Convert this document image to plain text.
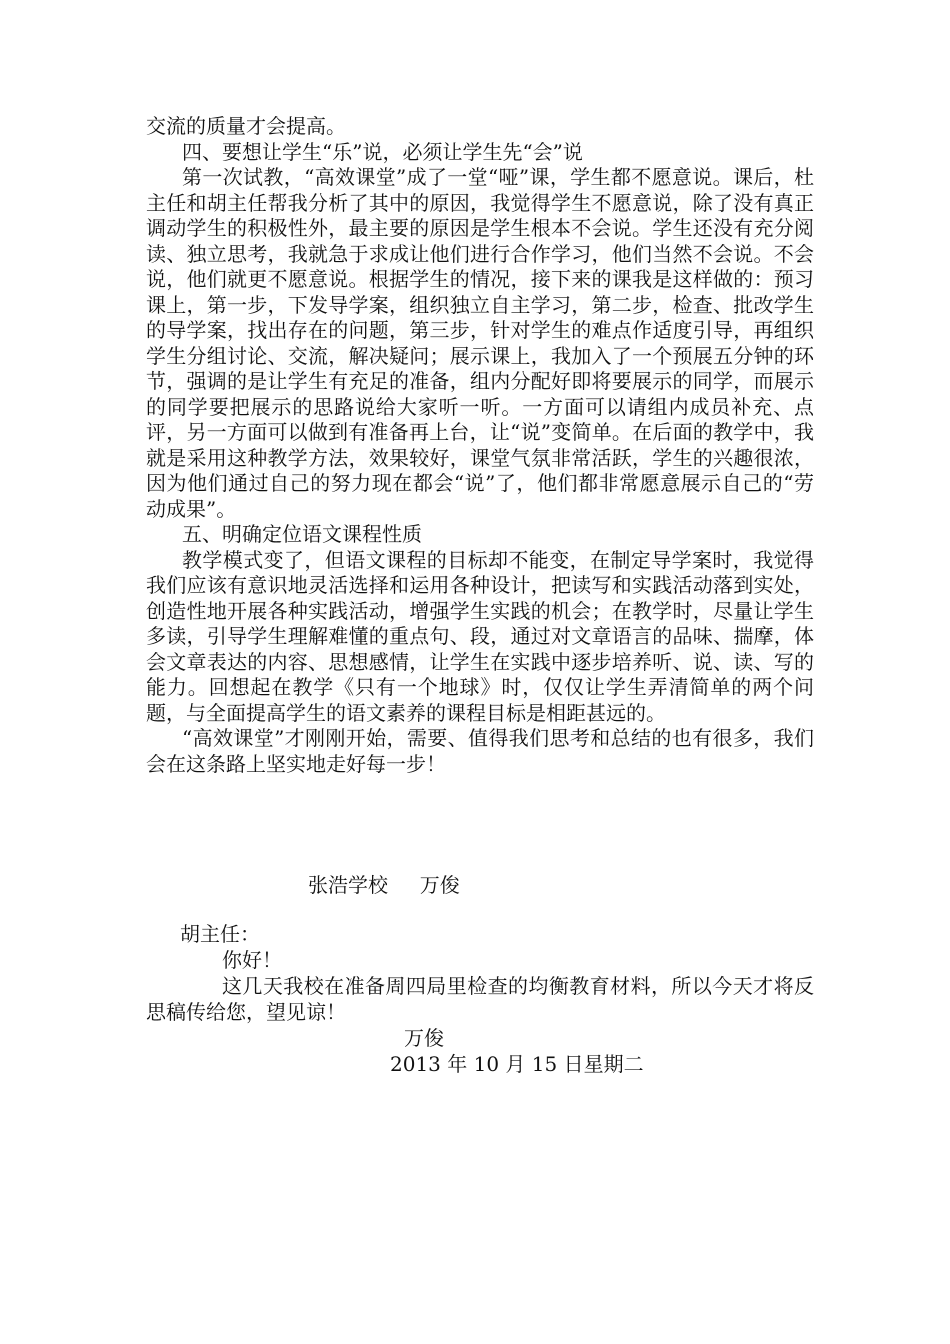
交流的质量才会提高。

四、要想让学生“乐”说，必须让学生先“会”说

第一次试教，“高效课堂”成了一堂“哑”课，学生都不愿意说。课后，杜主任和胡主任帮我分析了其中的原因，我觉得学生不愿意说，除了没有真正调动学生的积极性外，最主要的原因是学生根本不会说。学生还没有充分阅读、独立思考，我就急于求成让他们进行合作学习，他们当然不会说。不会说，他们就更不愿意说。根据学生的情况，接下来的课我是这样做的：预习课上，第一步，下发导学案，组织独立自主学习，第二步，检查、批改学生的导学案，找出存在的问题，第三步，针对学生的难点作适度引导，再组织学生分组讨论、交流，解决疑问；展示课上，我加入了一个预展五分钟的环节，强调的是让学生有充足的准备，组内分配好即将要展示的同学，而展示的同学要把展示的思路说给大家听一听。一方面可以请组内成员补充、点评，另一方面可以做到有准备再上台，让“说”变简单。在后面的教学中，我就是采用这种教学方法，效果较好，课堂气氛非常活跃，学生的兴趣很浓，因为他们通过自己的努力现在都会“说”了，他们都非常愿意展示自己的“劳动成果”。

五、明确定位语文课程性质

教学模式变了，但语文课程的目标却不能变，在制定导学案时，我觉得我们应该有意识地灵活选择和运用各种设计，把读写和实践活动落到实处，创造性地开展各种实践活动，增强学生实践的机会；在教学时，尽量让学生多读，引导学生理解难懂的重点句、段，通过对文章语言的品味、揣摩，体会文章表达的内容、思想感情，让学生在实践中逐步培养听、说、读、写的能力。回想起在教学《只有一个地球》时，仅仅让学生弄清简单的两个问题，与全面提高学生的语文素养的课程目标是相距甚远的。

“高效课堂”才刚刚开始，需要、值得我们思考和总结的也有很多，我们会在这条路上坚实地走好每一步！

张浩学校     万俊

胡主任：

你好！

这几天我校在准备周四局里检查的均衡教育材料，所以今天才将反思稿传给您，望见谅！

万俊

2013 年 10 月 15 日星期二
